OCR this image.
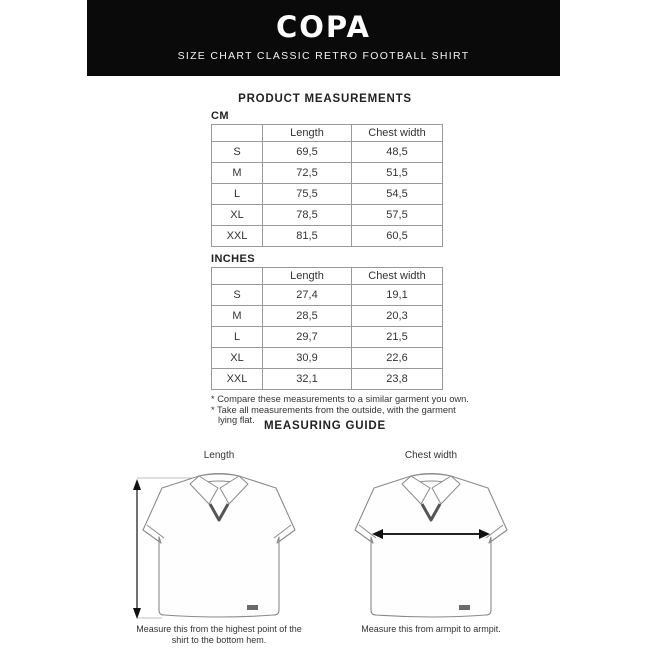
COPA
SIZE CHART CLASSIC RETRO FOOTBALL SHIRT
PRODUCT MEASUREMENTS
CM
	Length	Chest width
S	69,5	48,5
M	72,5	51,5
L	75,5	54,5
XL	78,5	57,5
XXL	81,5	60,5
INCHES
	Length	Chest width
S	27,4	19,1
M	28,5	20,3
L	29,7	21,5
XL	30,9	22,6
XXL	32,1	23,8
* Compare these measurements to a similar garment you own.
* Take all measurements from the outside, with the garment lying flat. MEASURING GUIDE
Length
Measure this from the highest point of the shirt to the bottom hem.
Chest width
Measure this from armpit to armpit.
